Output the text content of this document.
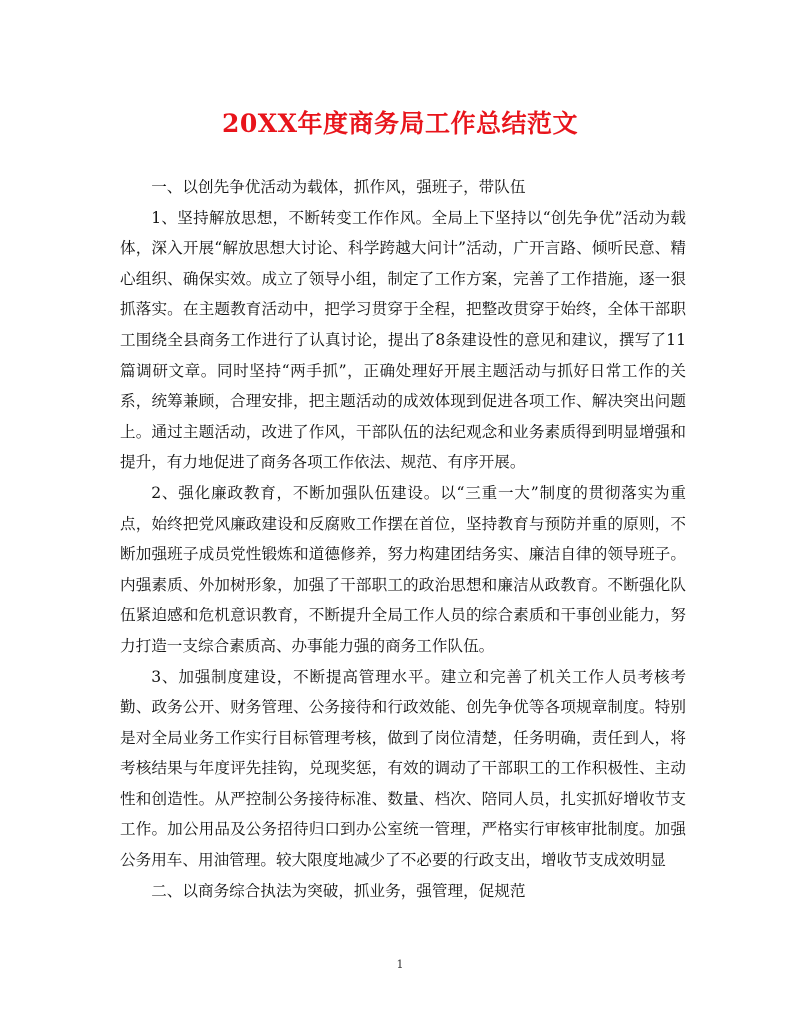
20XX年度商务局工作总结范文

一、以创先争优活动为载体，抓作风，强班子，带队伍

1、坚持解放思想，不断转变工作作风。全局上下坚持以“创先争优”活动为载体，深入开展“解放思想大讨论、科学跨越大问计”活动，广开言路、倾听民意、精心组织、确保实效。成立了领导小组，制定了工作方案，完善了工作措施，逐一狠抓落实。在主题教育活动中，把学习贯穿于全程，把整改贯穿于始终，全体干部职工围绕全县商务工作进行了认真讨论，提出了8条建设性的意见和建议，撰写了11篇调研文章。同时坚持“两手抓”，正确处理好开展主题活动与抓好日常工作的关系，统筹兼顾，合理安排，把主题活动的成效体现到促进各项工作、解决突出问题上。通过主题活动，改进了作风，干部队伍的法纪观念和业务素质得到明显增强和提升，有力地促进了商务各项工作依法、规范、有序开展。

2、强化廉政教育，不断加强队伍建设。以“三重一大”制度的贯彻落实为重点，始终把党风廉政建设和反腐败工作摆在首位，坚持教育与预防并重的原则，不断加强班子成员党性锻炼和道德修养，努力构建团结务实、廉洁自律的领导班子。内强素质、外加树形象，加强了干部职工的政治思想和廉洁从政教育。不断强化队伍紧迫感和危机意识教育，不断提升全局工作人员的综合素质和干事创业能力，努力打造一支综合素质高、办事能力强的商务工作队伍。

3、加强制度建设，不断提高管理水平。建立和完善了机关工作人员考核考勤、政务公开、财务管理、公务接待和行政效能、创先争优等各项规章制度。特别是对全局业务工作实行目标管理考核，做到了岗位清楚，任务明确，责任到人，将考核结果与年度评先挂钩，兑现奖惩，有效的调动了干部职工的工作积极性、主动性和创造性。从严控制公务接待标准、数量、档次、陪同人员，扎实抓好增收节支工作。加公用品及公务招待归口到办公室统一管理，严格实行审核审批制度。加强公务用车、用油管理。较大限度地减少了不必要的行政支出，增收节支成效明显

二、以商务综合执法为突破，抓业务，强管理，促规范

1
